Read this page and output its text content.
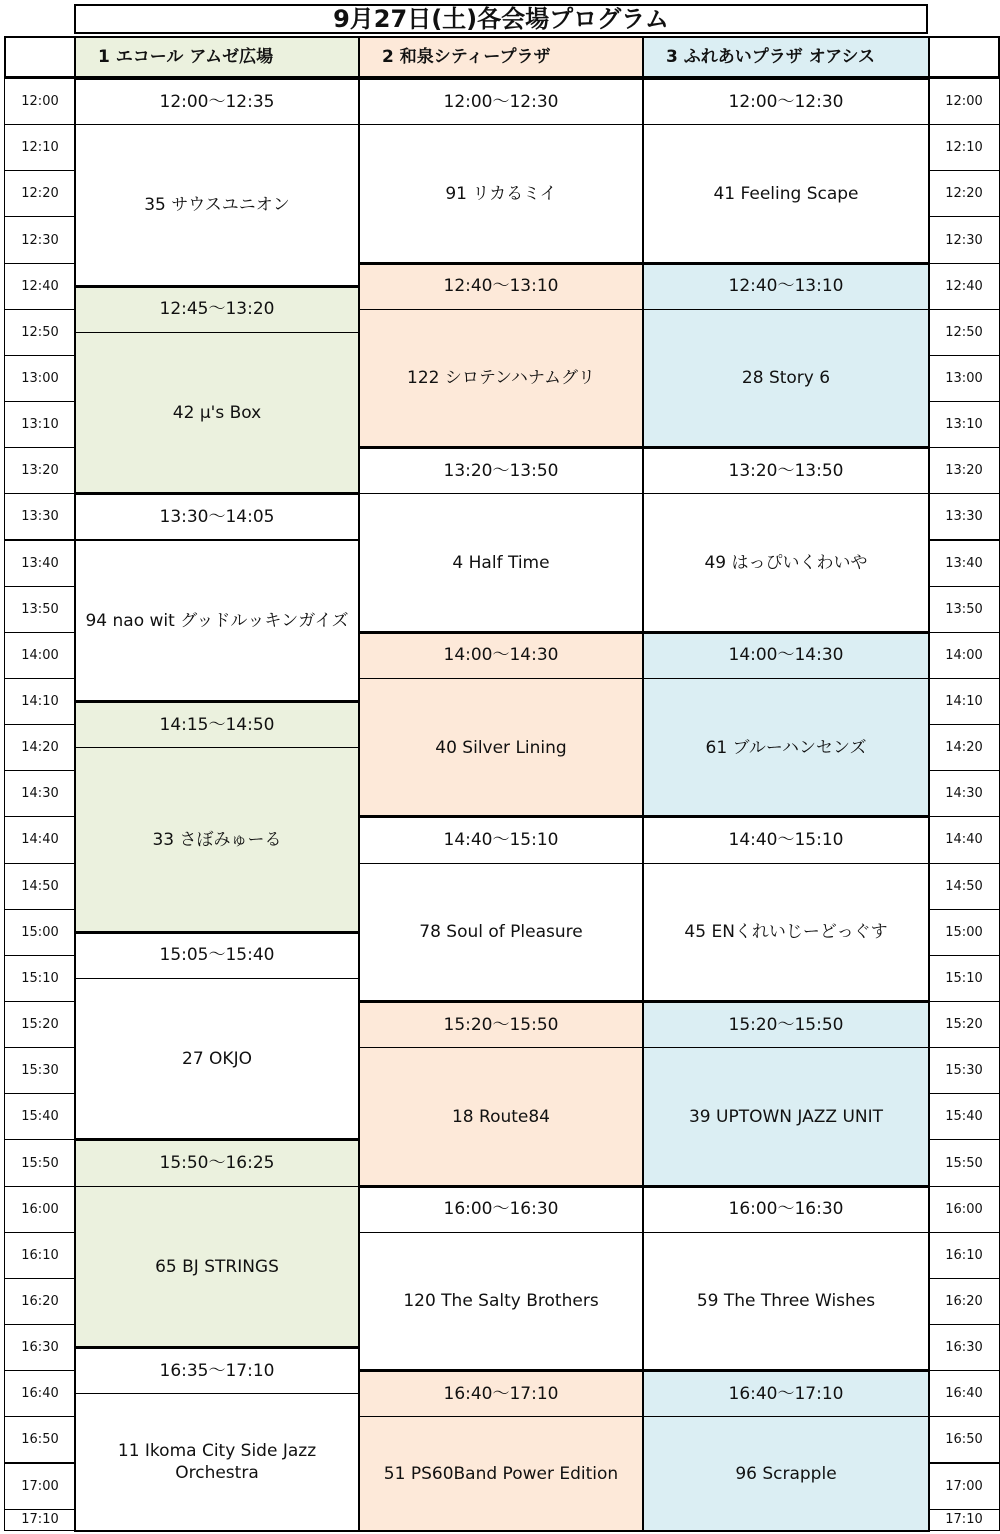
9月27日(土)各会場プログラム
1 エコール アムゼ広場	2 和泉シティープラザ	3 ふれあいプラザ オアシス
12:00
12:10
12:20
12:30
12:40
12:50
13:00
13:10
13:20
13:30
13:40
13:50
14:00
14:10
14:20
14:30
14:40
14:50
15:00
15:10
15:20
15:30
15:40
15:50
16:00
16:10
16:20
16:30
16:40
16:50
17:00
17:10
12:00
12:10
12:20
12:30
12:40
12:50
13:00
13:10
13:20
13:30
13:40
13:50
14:00
14:10
14:20
14:30
14:40
14:50
15:00
15:10
15:20
15:30
15:40
15:50
16:00
16:10
16:20
16:30
16:40
16:50
17:00
17:10
12:00～12:35
35 サウスユニオン
12:45～13:20
42 μ's Box
13:30～14:05
94 nao wit グッドルッキンガイズ
14:15～14:50
33 さぼみゅーる
15:05～15:40
27 OKJO
15:50～16:25
65 BJ STRINGS
16:35～17:10
11 Ikoma City Side Jazz Orchestra
12:00～12:30
91 リカるミイ
12:40～13:10
122 シロテンハナムグリ
13:20～13:50
4 Half Time
14:00～14:30
40 Silver Lining
14:40～15:10
78 Soul of Pleasure
15:20～15:50
18 Route84
16:00～16:30
120 The Salty Brothers
16:40～17:10
51 PS60Band Power Edition
12:00～12:30
41 Feeling Scape
12:40～13:10
28 Story 6
13:20～13:50
49 はっぴいくわいや
14:00～14:30
61 ブルーハンセンズ
14:40～15:10
45 ENくれいじーどっぐす
15:20～15:50
39 UPTOWN JAZZ UNIT
16:00～16:30
59 The Three Wishes
16:40～17:10
96 Scrapple
